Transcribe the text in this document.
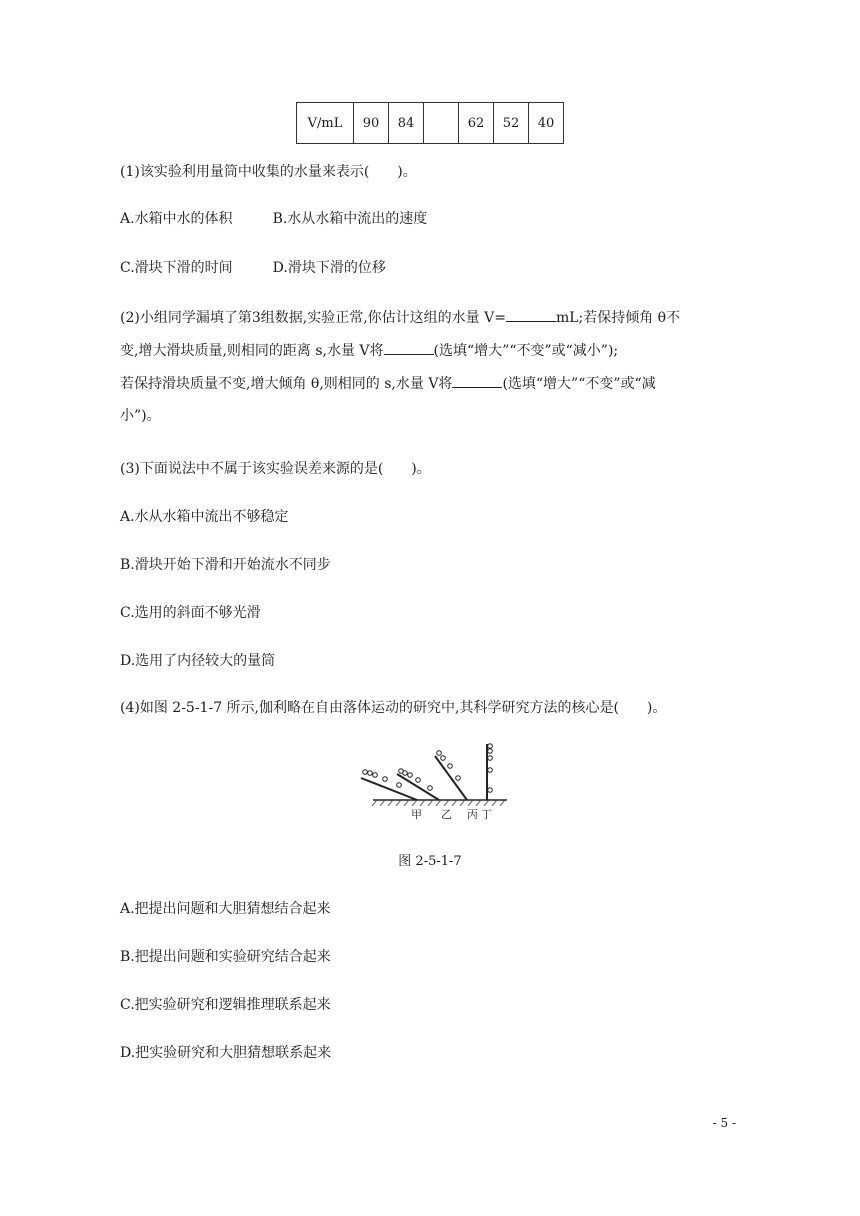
V/mL	90	84		62	52	40
(1)该实验利用量筒中收集的水量来表示(　　)。
A.水箱中水的体积	B.水从水箱中流出的速度
C.滑块下滑的时间	D.滑块下滑的位移
(2)小组同学漏填了第3组数据,实验正常,你估计这组的水量 V=	mL;若保持倾角 θ不
变,增大滑块质量,则相同的距离 s,水量 V将	(选填“增大”“不变”或“减小”);
若保持滑块质量不变,增大倾角 θ,则相同的 s,水量 V将	(选填“增大”“不变”或“减
小”)。
(3)下面说法中不属于该实验误差来源的是(　　)。
A.水从水箱中流出不够稳定
B.滑块开始下滑和开始流水不同步
C.选用的斜面不够光滑
D.选用了内径较大的量筒
(4)如图 2-5-1-7 所示,伽利略在自由落体运动的研究中,其科学研究方法的核心是(　　)。
甲 乙 丙 丁
图 2-5-1-7
A.把提出问题和大胆猜想结合起来
B.把提出问题和实验研究结合起来
C.把实验研究和逻辑推理联系起来
D.把实验研究和大胆猜想联系起来
- 5 -
